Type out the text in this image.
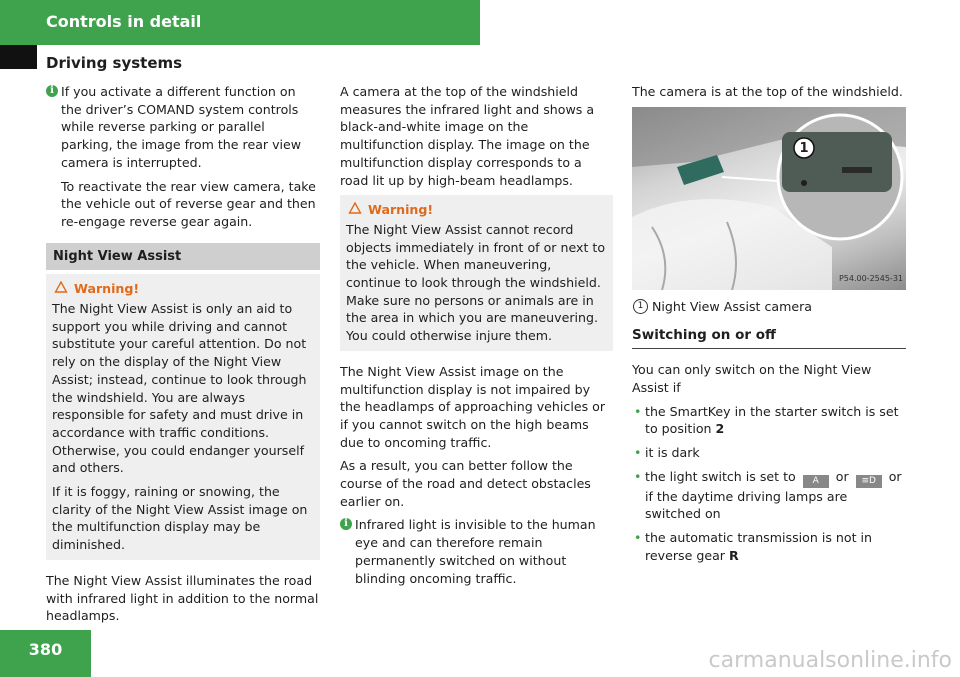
Controls in detail
Driving systems
i If you activate a different function on the driver’s COMAND system controls while reverse parking or parallel parking, the image from the rear view camera is interrupted.

To reactivate the rear view camera, take the vehicle out of reverse gear and then re-engage reverse gear again.

Night View Assist
Warning!

The Night View Assist is only an aid to support you while driving and cannot substitute your careful attention. Do not rely on the display of the Night View Assist; instead, continue to look through the windshield. You are always responsible for safety and must drive in accordance with traffic conditions. Otherwise, you could endanger yourself and others.

If it is foggy, raining or snowing, the clarity of the Night View Assist image on the multifunction display may be diminished.

The Night View Assist illuminates the road with infrared light in addition to the normal headlamps.

A camera at the top of the windshield measures the infrared light and shows a black-and-white image on the multifunction display. The image on the multifunction display corresponds to a road lit up by high-beam headlamps.

Warning!

The Night View Assist cannot record objects immediately in front of or next to the vehicle. When maneuvering, continue to look through the windshield. Make sure no persons or animals are in the area in which you are maneuvering. You could otherwise injure them.

The Night View Assist image on the multifunction display is not impaired by the headlamps of approaching vehicles or if you cannot switch on the high beams due to oncoming traffic.

As a result, you can better follow the course of the road and detect obstacles earlier on.

i Infrared light is invisible to the human eye and can therefore remain permanently switched on without blinding oncoming traffic.

The camera is at the top of the windshield.

1
P54.00-2545-31
1 Night View Assist camera
Switching on or off

You can only switch on the Night View Assist if

• the SmartKey in the starter switch is set to position 2
• it is dark
• the light switch is set to A or ≡D or if the daytime driving lamps are switched on
• the automatic transmission is not in reverse gear R
380	carmanualsonline.info
